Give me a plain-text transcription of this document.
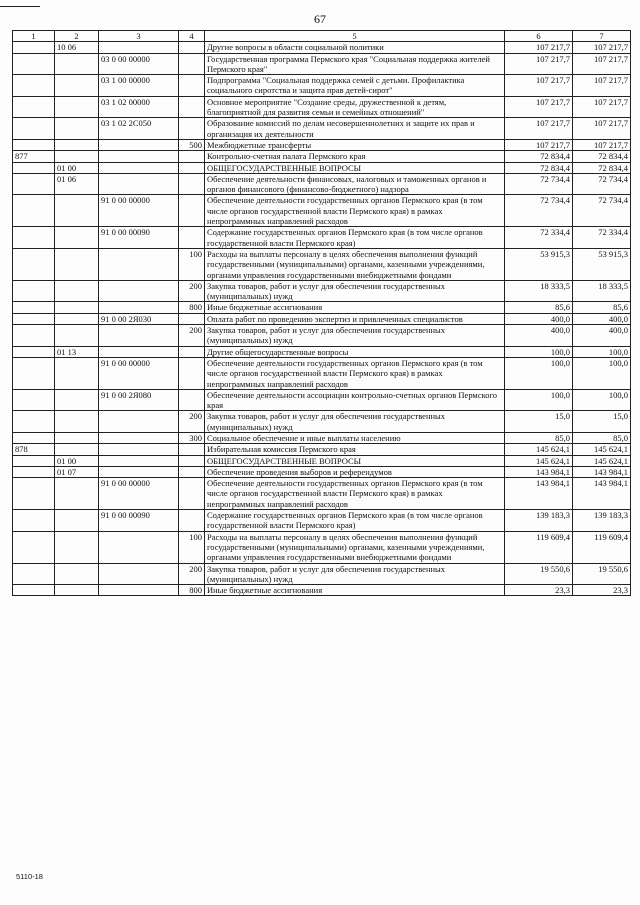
67
1	2	3	4	5	6	7
	10 06			Другие вопросы в области социальной политики	107 217,7	107 217,7
		03 0 00 00000		Государственная программа Пермского края "Социальная поддержка жителей Пермского края"	107 217,7	107 217,7
		03 1 00 00000		Подпрограмма "Социальная поддержка семей с детьми. Профилактика социального сиротства и защита прав детей-сирот"	107 217,7	107 217,7
		03 1 02 00000		Основное мероприятие "Создание среды, дружественной к детям, благоприятной для развития семьи и семейных отношений"	107 217,7	107 217,7
		03 1 02 2С050		Образование комиссий по делам несовершеннолетних и защите их прав и организация их деятельности	107 217,7	107 217,7
			500	Межбюджетные трансферты	107 217,7	107 217,7
877				Контрольно-счетная палата Пермского края	72 834,4	72 834,4
	01 00			ОБЩЕГОСУДАРСТВЕННЫЕ ВОПРОСЫ	72 834,4	72 834,4
	01 06			Обеспечение деятельности финансовых, налоговых и таможенных органов и органов финансового (финансово-бюджетного) надзора	72 734,4	72 734,4
		91 0 00 00000		Обеспечение деятельности государственных органов Пермского края (в том числе органов государственной власти Пермского края) в рамках непрограммных направлений расходов	72 734,4	72 734,4
		91 0 00 00090		Содержание государственных органов Пермского края (в том числе органов государственной власти Пермского края)	72 334,4	72 334,4
			100	Расходы на выплаты персоналу в целях обеспечения выполнения функций государственными (муниципальными) органами, казенными учреждениями, органами управления государственными внебюджетными фондами	53 915,3	53 915,3
			200	Закупка товаров, работ и услуг для обеспечения государственных (муниципальных) нужд	18 333,5	18 333,5
			800	Иные бюджетные ассигнования	85,6	85,6
		91 0 00 2Я030		Оплата работ по проведению экспертиз и привлеченных специалистов	400,0	400,0
			200	Закупка товаров, работ и услуг для обеспечения государственных (муниципальных) нужд	400,0	400,0
	01 13			Другие общегосударственные вопросы	100,0	100,0
		91 0 00 00000		Обеспечение деятельности государственных органов Пермского края (в том числе органов государственной власти Пермского края) в рамках непрограммных направлений расходов	100,0	100,0
		91 0 00 2Я080		Обеспечение деятельности ассоциации контрольно-счетных органов Пермского края	100,0	100,0
			200	Закупка товаров, работ и услуг для обеспечения государственных (муниципальных) нужд	15,0	15,0
			300	Социальное обеспечение и иные выплаты населению	85,0	85,0
878				Избирательная комиссия Пермского края	145 624,1	145 624,1
	01 00			ОБЩЕГОСУДАРСТВЕННЫЕ ВОПРОСЫ	145 624,1	145 624,1
	01 07			Обеспечение проведения выборов и референдумов	143 984,1	143 984,1
		91 0 00 00000		Обеспечение деятельности государственных органов Пермского края (в том числе органов государственной власти Пермского края) в рамках непрограммных направлений расходов	143 984,1	143 984,1
		91 0 00 00090		Содержание государственных органов Пермского края (в том числе органов государственной власти Пермского края)	139 183,3	139 183,3
			100	Расходы на выплаты персоналу в целях обеспечения выполнения функций государственными (муниципальными) органами, казенными учреждениями, органами управления государственными внебюджетными фондами	119 609,4	119 609,4
			200	Закупка товаров, работ и услуг для обеспечения государственных (муниципальных) нужд	19 550,6	19 550,6
			800	Иные бюджетные ассигнования	23,3	23,3
5110-18
